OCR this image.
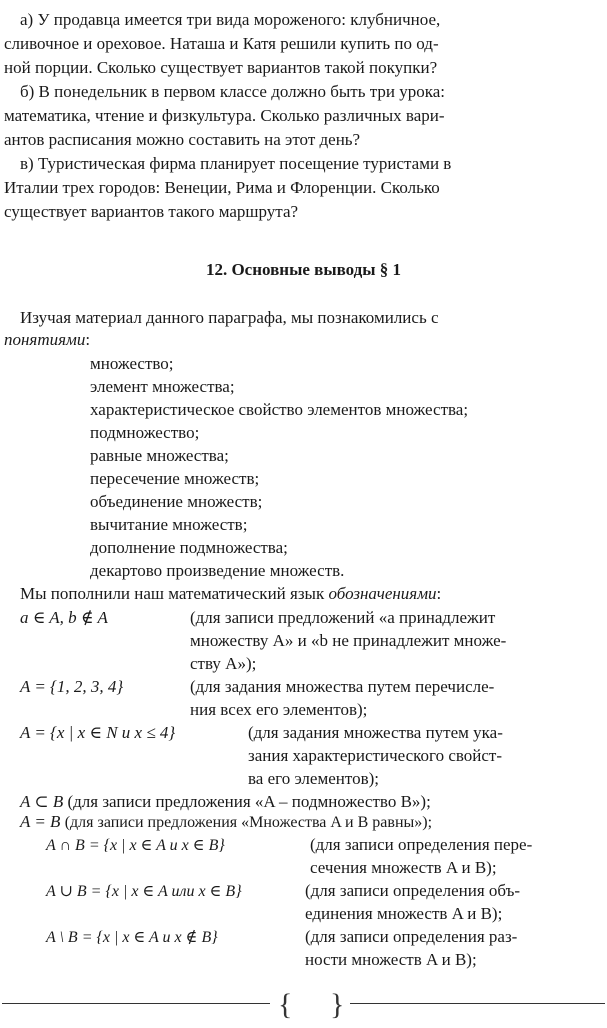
а) У продавца имеется три вида мороженого: клубничное,
сливочное и ореховое. Наташа и Катя решили купить по од-
ной порции. Сколько существует вариантов такой покупки?
б) В понедельник в первом классе должно быть три урока:
математика, чтение и физкультура. Сколько различных вари-
антов расписания можно составить на этот день?
в) Туристическая фирма планирует посещение туристами в
Италии трех городов: Венеции, Рима и Флоренции. Сколько
существует вариантов такого маршрута?
12. Основные выводы § 1
Изучая материал данного параграфа, мы познакомились с
понятиями:
множество;
элемент множества;
характеристическое свойство элементов множества;
подмножество;
равные множества;
пересечение множеств;
объединение множеств;
вычитание множеств;
дополнение подмножества;
декартово произведение множеств.
Мы пополнили наш математический язык обозначениями:
a ∈ A, b ∉ A	(для записи предложений «a принадлежит
множеству A» и «b не принадлежит множе-
ству A»);
A = {1, 2, 3, 4}	(для задания множества путем перечисле-
ния всех его элементов);
A = {x | x ∈ N и x ≤ 4}	(для задания множества путем ука-
зания характеристического свойст-
ва его элементов);
A ⊂ B (для записи предложения «A – подмножество B»);
A = B (для записи предложения «Множества A и B равны»);
A ∩ B = {x | x ∈ A и x ∈ B}	(для записи определения пере-
сечения множеств A и B);
A ∪ B = {x | x ∈ A или x ∈ B}	(для записи определения объ-
единения множеств A и B);
A \ B = {x | x ∈ A и x ∉ B}	(для записи определения раз-
ности множеств A и B);
{ }
